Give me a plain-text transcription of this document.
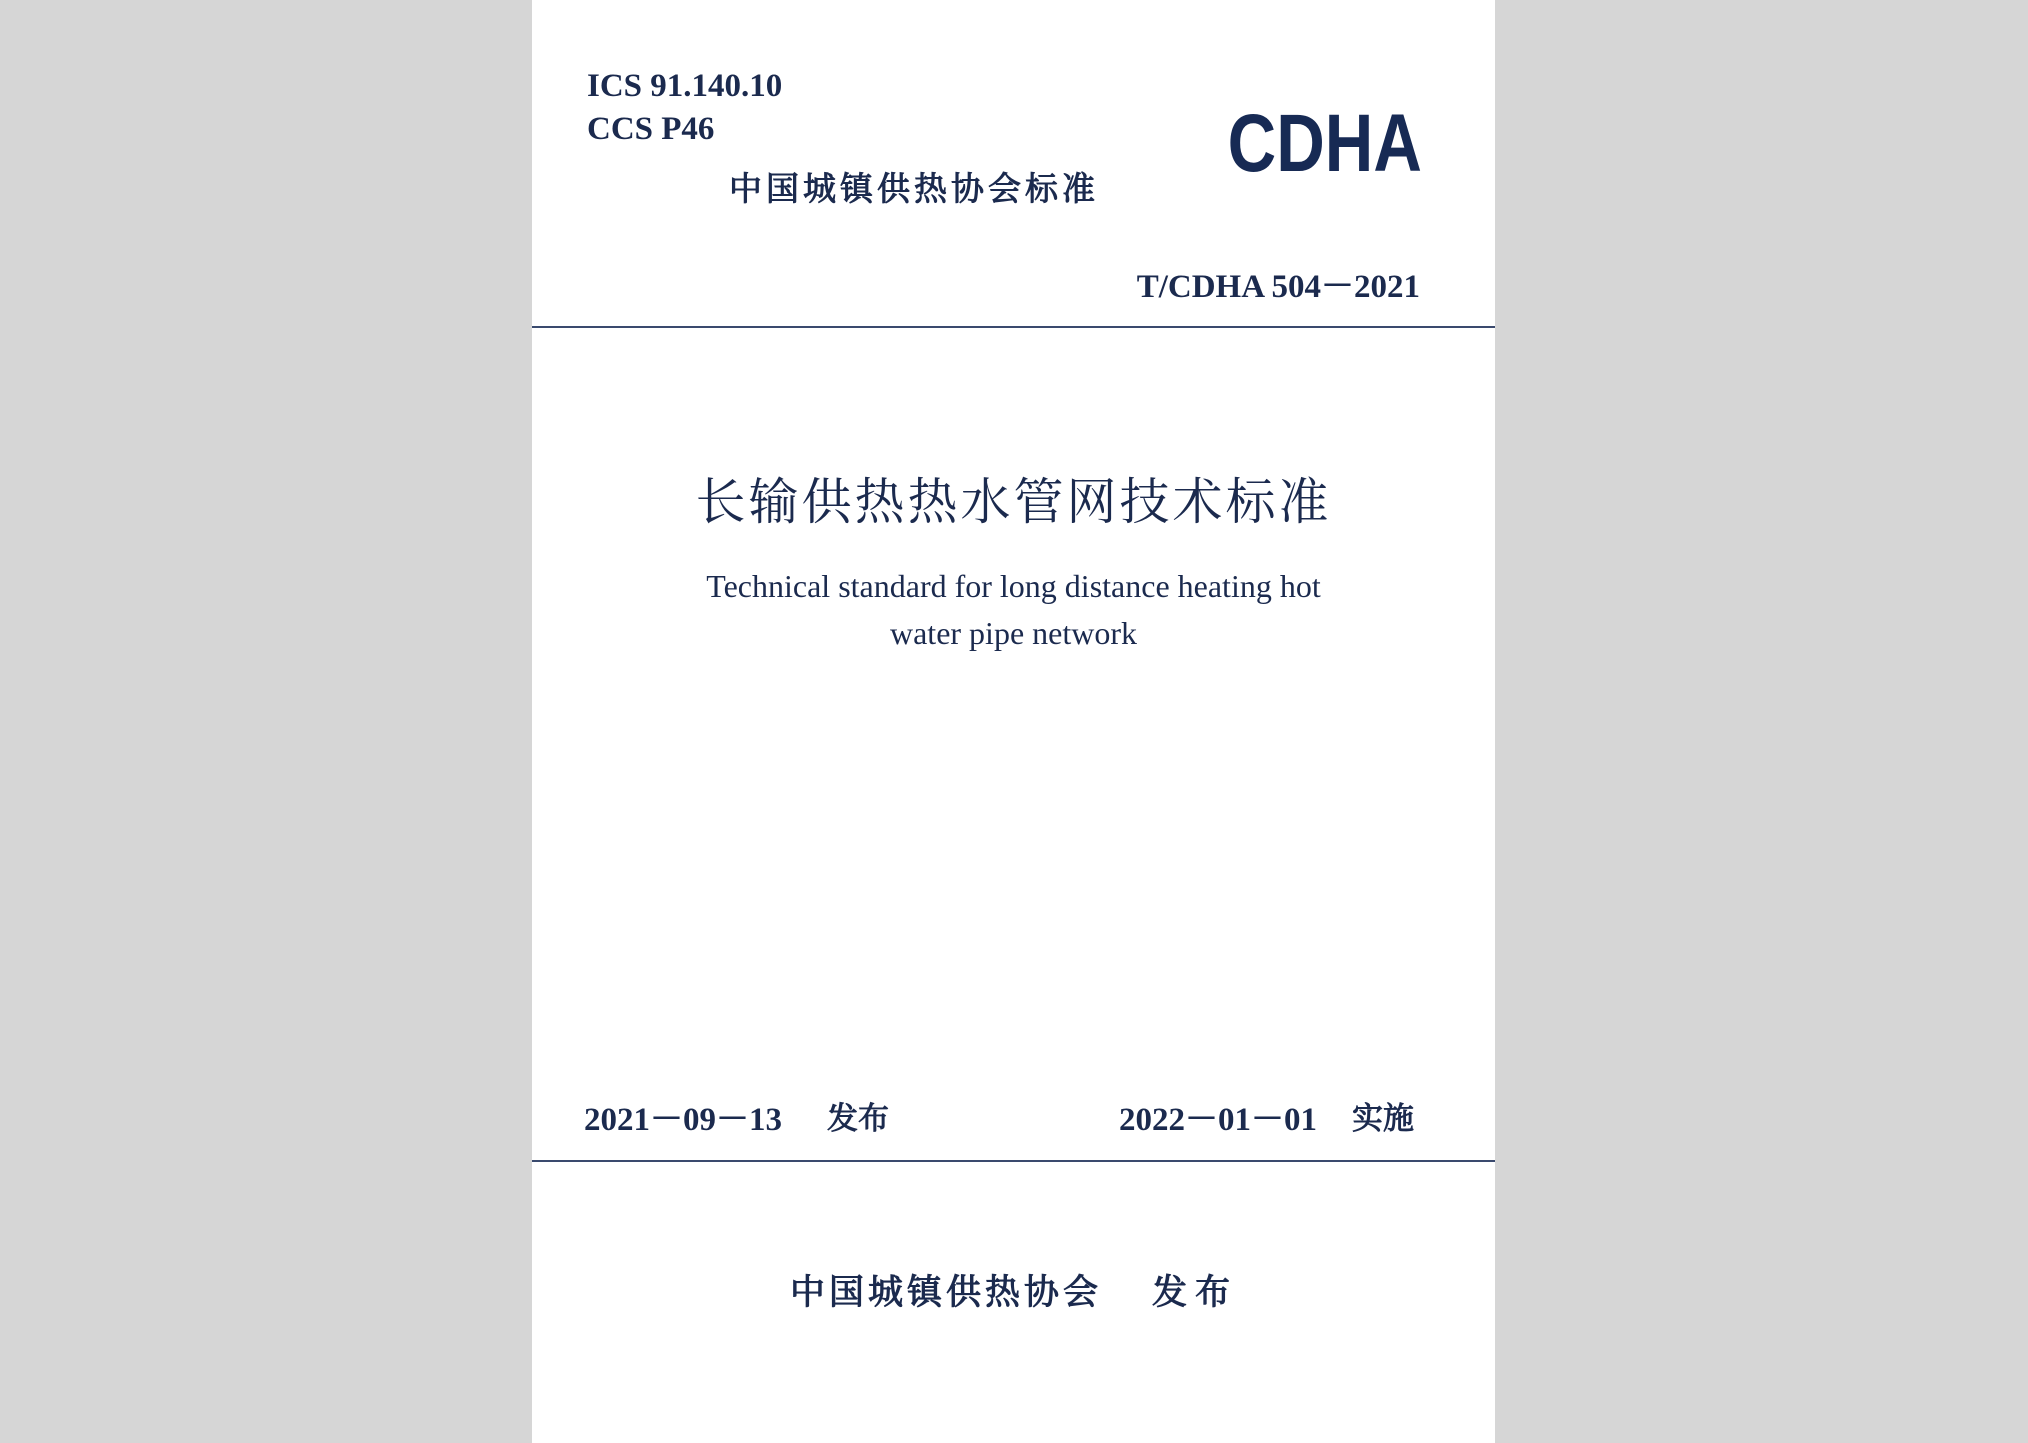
ICS 91.140.10
CCS P46
中国城镇供热协会标准 CDHA
T/CDHA 504－2021
长输供热热水管网技术标准
Technical standard for long distance heating hot
water pipe network
2021－09－13 发布	2022－01－01 实施
中国城镇供热协会 发布
